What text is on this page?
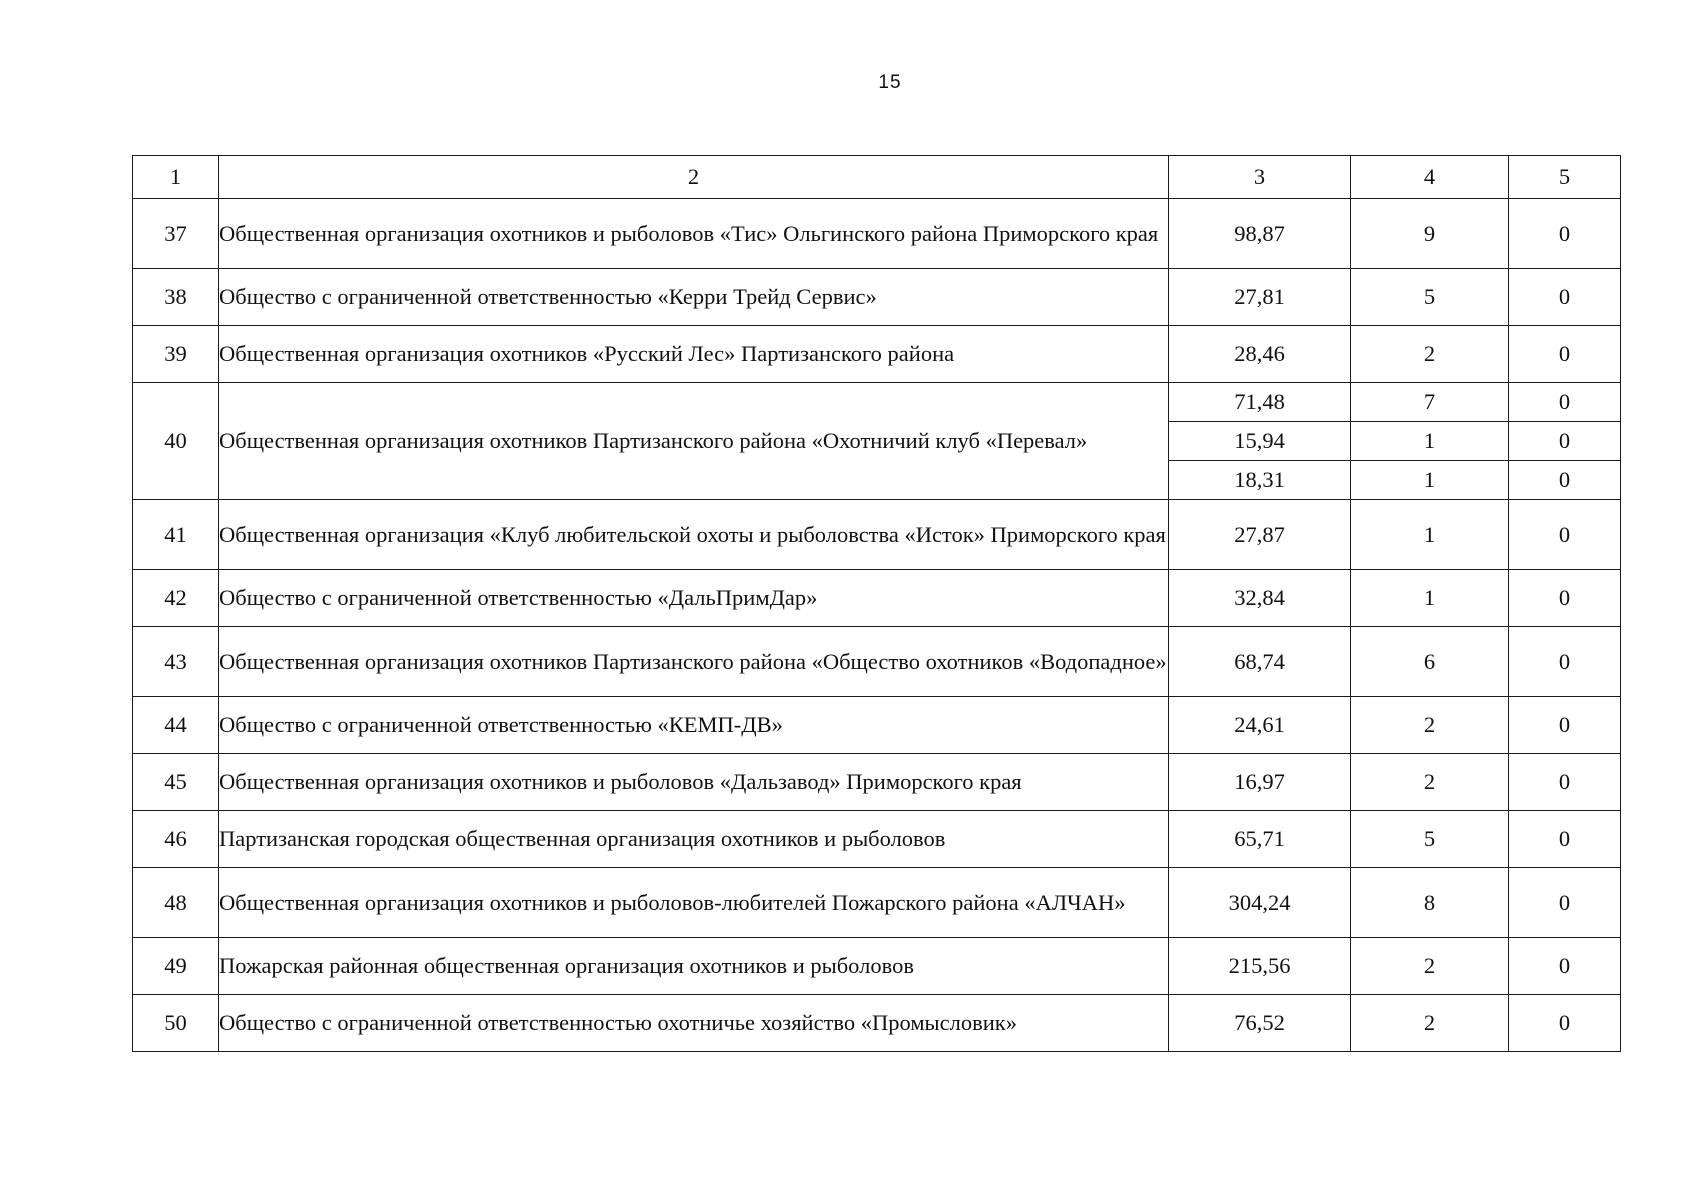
15
1	2	3	4	5
37	Общественная организация охотников и рыболовов «Тис» Ольгинского района Приморского края	98,87	9	0
38	Общество с ограниченной ответственностью «Керри Трейд Сервис»	27,81	5	0
39	Общественная организация охотников «Русский Лес» Партизанского района	28,46	2	0
40	Общественная организация охотников Партизанского района «Охотничий клуб «Перевал»	71,48	7	0
		15,94	1	0
		18,31	1	0
41	Общественная организация «Клуб любительской охоты и рыболовства «Исток» Приморского края	27,87	1	0
42	Общество с ограниченной ответственностью «ДальПримДар»	32,84	1	0
43	Общественная организация охотников Партизанского района «Общество охотников «Водопадное»	68,74	6	0
44	Общество с ограниченной ответственностью «КЕМП-ДВ»	24,61	2	0
45	Общественная организация охотников и рыболовов «Дальзавод» Приморского края	16,97	2	0
46	Партизанская городская общественная организация охотников и рыболовов	65,71	5	0
48	Общественная организация охотников и рыболовов-любителей Пожарского района «АЛЧАН»	304,24	8	0
49	Пожарская районная общественная организация охотников и рыболовов	215,56	2	0
50	Общество с ограниченной ответственностью охотничье хозяйство «Промысловик»	76,52	2	0
